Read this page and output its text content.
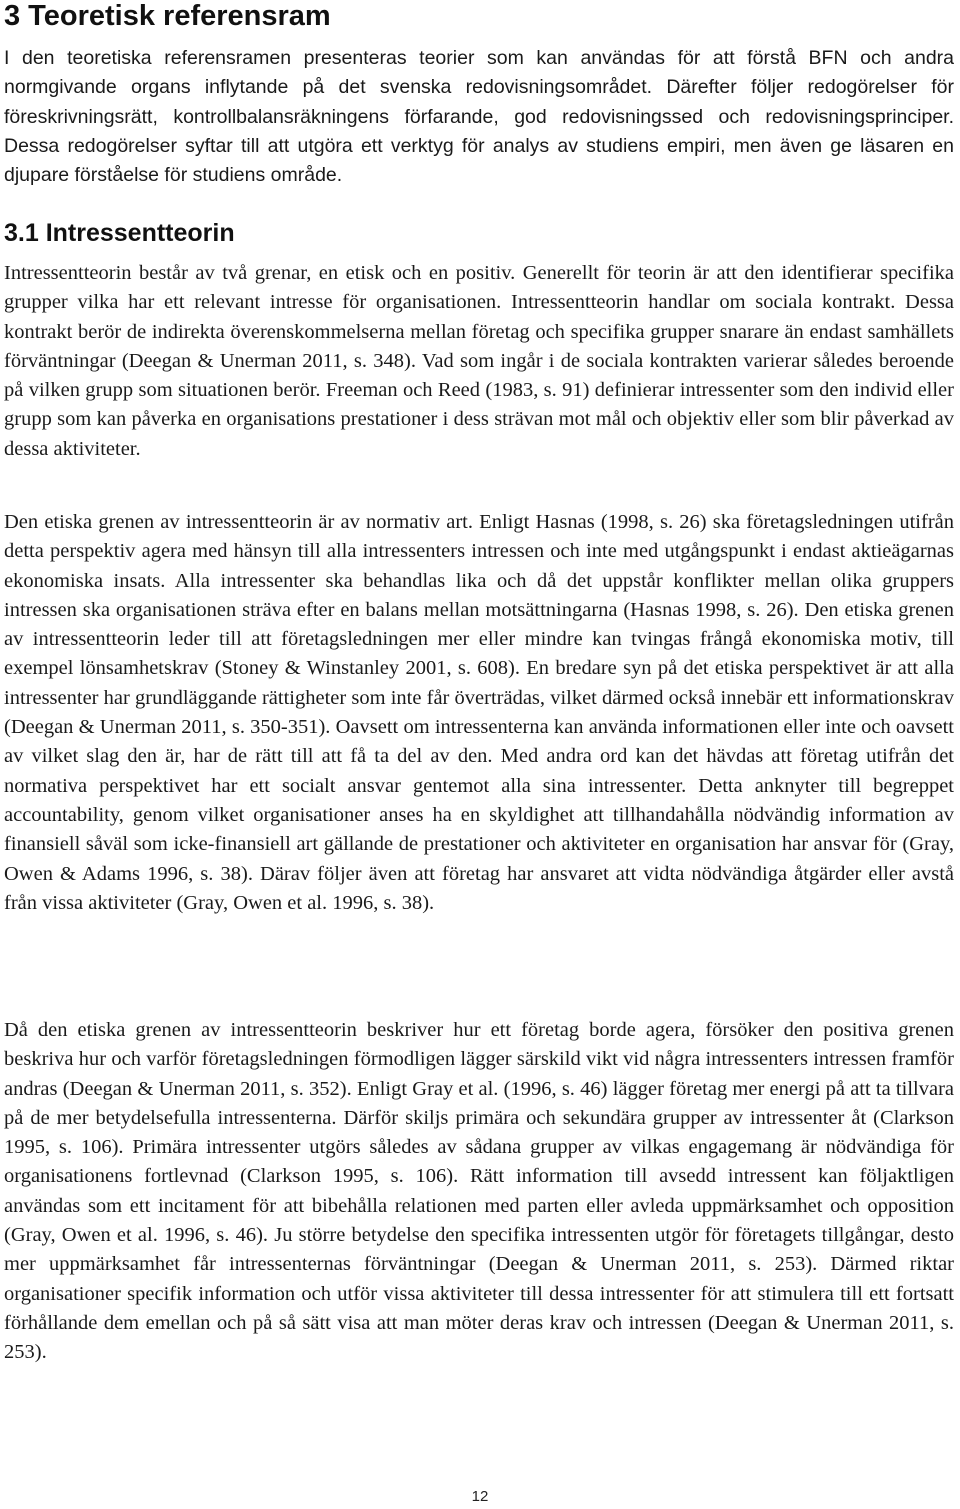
3 Teoretisk referensram

I den teoretiska referensramen presenteras teorier som kan användas för att förstå BFN och andra normgivande organs inflytande på det svenska redovisningsområdet. Därefter följer redogörelser för föreskrivningsrätt, kontrollbalansräkningens förfarande, god redovisningssed och redovisningsprinciper. Dessa redogörelser syftar till att utgöra ett verktyg för analys av studiens empiri, men även ge läsaren en djupare förståelse för studiens område.

3.1 Intressentteorin

Intressentteorin består av två grenar, en etisk och en positiv. Generellt för teorin är att den identifierar specifika grupper vilka har ett relevant intresse för organisationen. Intressentteorin handlar om sociala kontrakt. Dessa kontrakt berör de indirekta överenskommelserna mellan företag och specifika grupper snarare än endast samhällets förväntningar (Deegan & Unerman 2011, s. 348). Vad som ingår i de sociala kontrakten varierar således beroende på vilken grupp som situationen berör. Freeman och Reed (1983, s. 91) definierar intressenter som den individ eller grupp som kan påverka en organisations prestationer i dess strävan mot mål och objektiv eller som blir påverkad av dessa aktiviteter.

Den etiska grenen av intressentteorin är av normativ art. Enligt Hasnas (1998, s. 26) ska företagsledningen utifrån detta perspektiv agera med hänsyn till alla intressenters intressen och inte med utgångspunkt i endast aktieägarnas ekonomiska insats. Alla intressenter ska behandlas lika och då det uppstår konflikter mellan olika gruppers intressen ska organisationen sträva efter en balans mellan motsättningarna (Hasnas 1998, s. 26). Den etiska grenen av intressentteorin leder till att företagsledningen mer eller mindre kan tvingas frångå ekonomiska motiv, till exempel lönsamhetskrav (Stoney & Winstanley 2001, s. 608). En bredare syn på det etiska perspektivet är att alla intressenter har grundläggande rättigheter som inte får överträdas, vilket därmed också innebär ett informationskrav (Deegan & Unerman 2011, s. 350-351). Oavsett om intressenterna kan använda informationen eller inte och oavsett av vilket slag den är, har de rätt till att få ta del av den. Med andra ord kan det hävdas att företag utifrån det normativa perspektivet har ett socialt ansvar gentemot alla sina intressenter. Detta anknyter till begreppet accountability, genom vilket organisationer anses ha en skyldighet att tillhandahålla nödvändig information av finansiell såväl som icke-finansiell art gällande de prestationer och aktiviteter en organisation har ansvar för (Gray, Owen & Adams 1996, s. 38). Därav följer även att företag har ansvaret att vidta nödvändiga åtgärder eller avstå från vissa aktiviteter (Gray, Owen et al. 1996, s. 38).

Då den etiska grenen av intressentteorin beskriver hur ett företag borde agera, försöker den positiva grenen beskriva hur och varför företagsledningen förmodligen lägger särskild vikt vid några intressenters intressen framför andras (Deegan & Unerman 2011, s. 352). Enligt Gray et al. (1996, s. 46) lägger företag mer energi på att ta tillvara på de mer betydelsefulla intressenterna. Därför skiljs primära och sekundära grupper av intressenter åt (Clarkson 1995, s. 106). Primära intressenter utgörs således av sådana grupper av vilkas engagemang är nödvändiga för organisationens fortlevnad (Clarkson 1995, s. 106). Rätt information till avsedd intressent kan följaktligen användas som ett incitament för att bibehålla relationen med parten eller avleda uppmärksamhet och opposition (Gray, Owen et al. 1996, s. 46). Ju större betydelse den specifika intressenten utgör för företagets tillgångar, desto mer uppmärksamhet får intressenternas förväntningar (Deegan & Unerman 2011, s. 253). Därmed riktar organisationer specifik information och utför vissa aktiviteter till dessa intressenter för att stimulera till ett fortsatt förhållande dem emellan och på så sätt visa att man möter deras krav och intressen (Deegan & Unerman 2011, s. 253).

12
